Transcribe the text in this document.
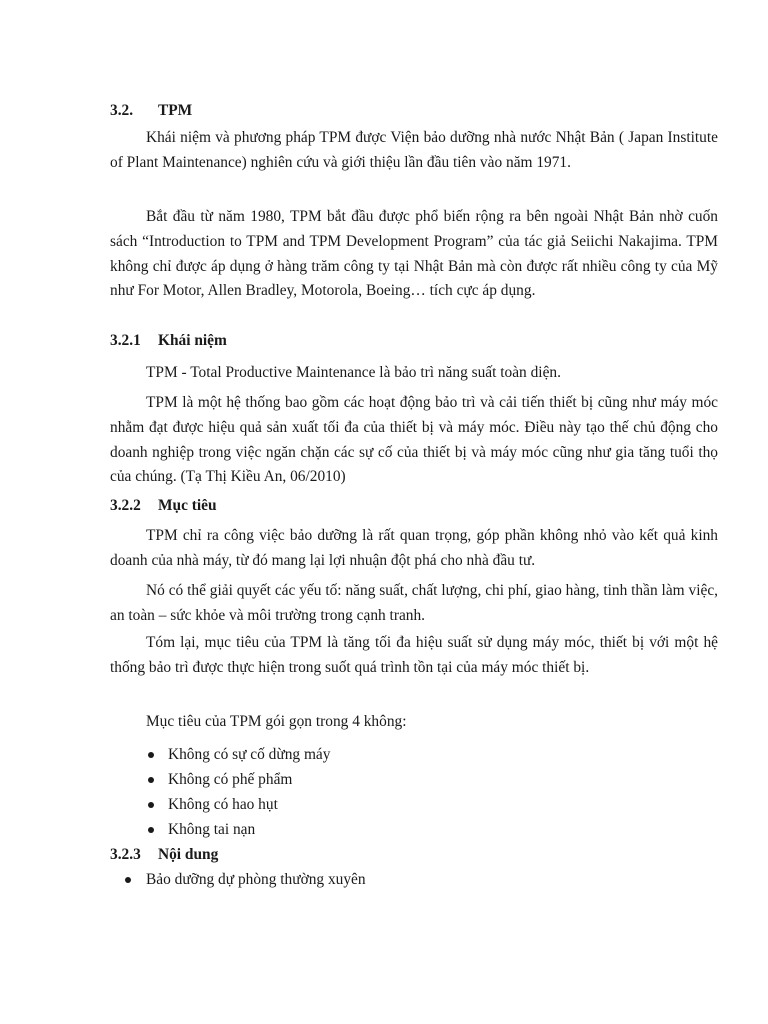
3.2. TPM
Khái niệm và phương pháp TPM được Viện bảo dưỡng nhà nước Nhật Bản ( Japan Institute of Plant Maintenance) nghiên cứu và giới thiệu lần đầu tiên vào năm 1971.
Bắt đầu từ năm 1980, TPM bắt đầu được phổ biến rộng ra bên ngoài Nhật Bản nhờ cuốn sách “Introduction to TPM and TPM Development Program” của tác giả Seiichi Nakajima. TPM không chỉ được áp dụng ở hàng trăm công ty tại Nhật Bản mà còn được rất nhiều công ty của Mỹ như For Motor, Allen Bradley, Motorola, Boeing… tích cực áp dụng.
3.2.1 Khái niệm
TPM - Total Productive Maintenance là bảo trì năng suất toàn diện.
TPM là một hệ thống bao gồm các hoạt động bảo trì và cải tiến thiết bị cũng như máy móc nhằm đạt được hiệu quả sản xuất tối đa của thiết bị và máy móc. Điều này tạo thế chủ động cho doanh nghiệp trong việc ngăn chặn các sự cố của thiết bị và máy móc cũng như gia tăng tuổi thọ của chúng. (Tạ Thị Kiều An, 06/2010)
3.2.2 Mục tiêu
TPM chỉ ra công việc bảo dưỡng là rất quan trọng, góp phần không nhỏ vào kết quả kinh doanh của nhà máy, từ đó mang lại lợi nhuận đột phá cho nhà đầu tư.
Nó có thể giải quyết các yếu tố: năng suất, chất lượng, chi phí, giao hàng, tinh thần làm việc, an toàn – sức khỏe và môi trường trong cạnh tranh.
Tóm lại, mục tiêu của TPM là tăng tối đa hiệu suất sử dụng máy móc, thiết bị với một hệ thống bảo trì được thực hiện trong suốt quá trình tồn tại của máy móc thiết bị.
Mục tiêu của TPM gói gọn trong 4 không:
Không có sự cố dừng máy
Không có phế phẩm
Không có hao hụt
Không tai nạn
3.2.3 Nội dung
Bảo dưỡng dự phòng thường xuyên
